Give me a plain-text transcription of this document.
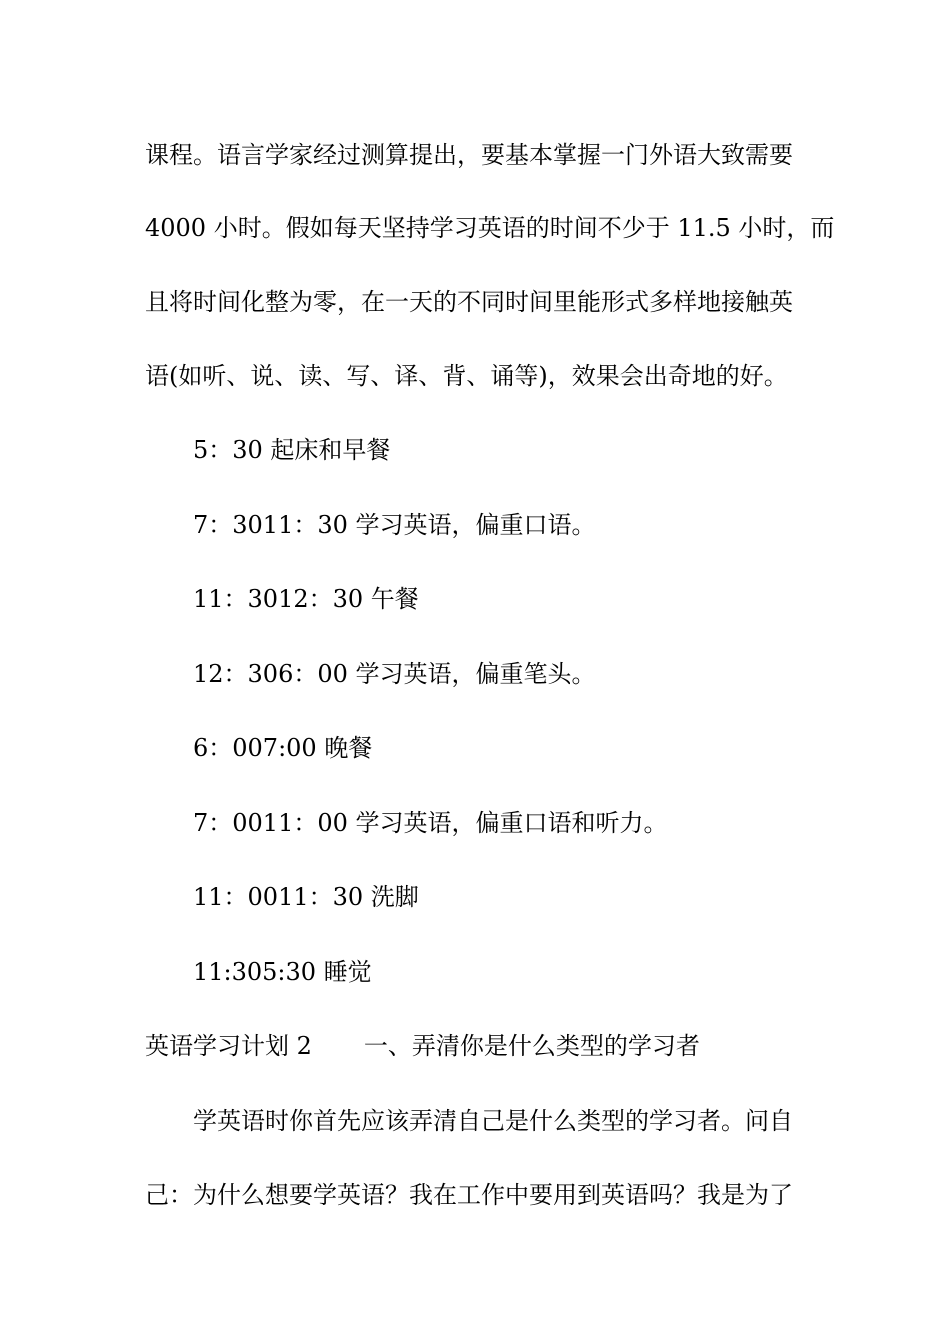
课程。语言学家经过测算提出，要基本掌握一门外语大致需要
4000 小时。假如每天坚持学习英语的时间不少于 11.5 小时，而
且将时间化整为零，在一天的不同时间里能形式多样地接触英
语(如听、说、读、写、译、背、诵等)，效果会出奇地的好。
5：30 起床和早餐
7：3011：30 学习英语，偏重口语。
11：3012：30 午餐
12：306：00 学习英语，偏重笔头。
6：007:00 晚餐
7：0011：00 学习英语，偏重口语和听力。
11：0011：30 洗脚
11:305:30 睡觉
英语学习计划 2 一、弄清你是什么类型的学习者
学英语时你首先应该弄清自己是什么类型的学习者。问自
己：为什么想要学英语？我在工作中要用到英语吗？我是为了
